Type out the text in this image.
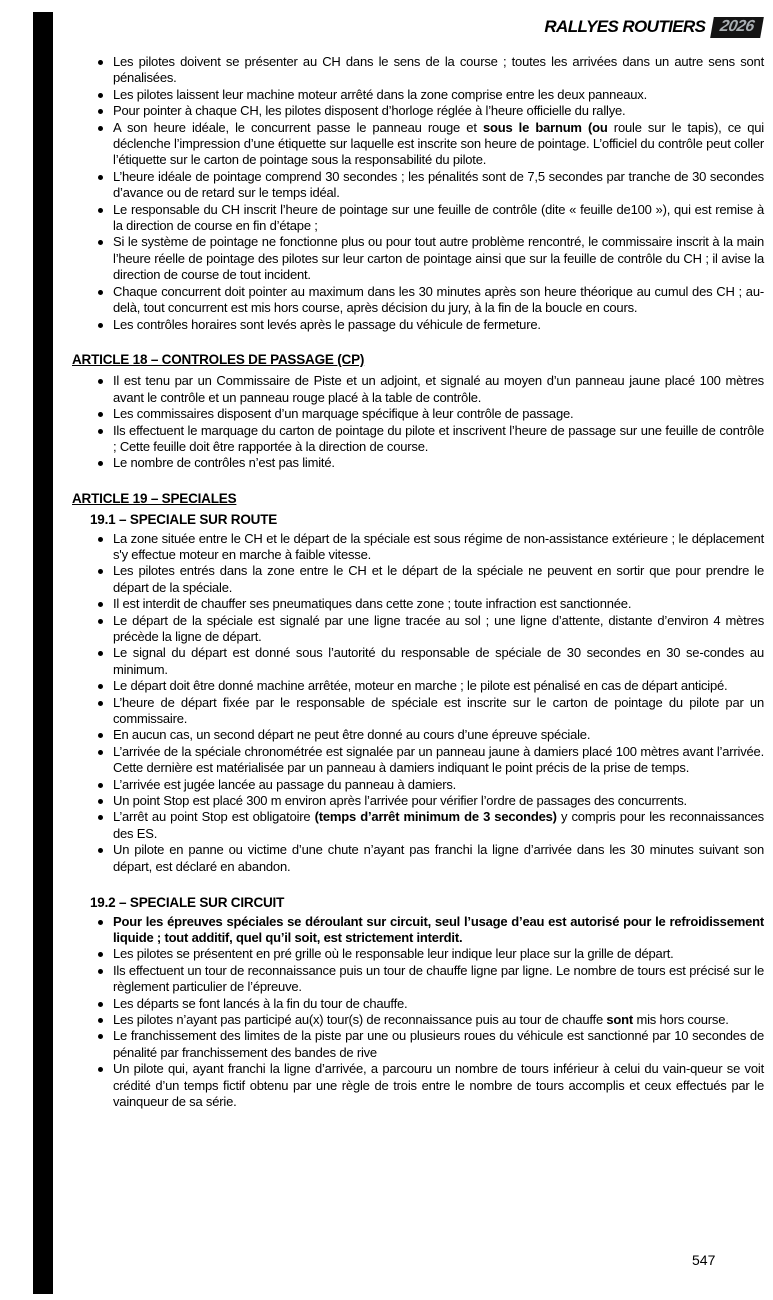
RALLYES ROUTIERS 2026
Les pilotes doivent se présenter au CH dans le sens de la course ; toutes les arrivées dans un autre sens sont pénalisées.
Les pilotes laissent leur machine moteur arrêté dans la zone comprise entre les deux panneaux.
Pour pointer à chaque CH, les pilotes disposent d’horloge réglée à l’heure officielle du rallye.
A son heure idéale, le concurrent passe le panneau rouge et sous le barnum (ou roule sur le tapis), ce qui déclenche l’impression d’une étiquette sur laquelle est inscrite son heure de pointage. L’officiel du contrôle peut coller l’étiquette sur le carton de pointage sous la responsabilité du pilote.
L’heure idéale de pointage comprend 30 secondes ; les pénalités sont de 7,5 secondes par tranche de 30 secondes d’avance ou de retard sur le temps idéal.
Le responsable du CH inscrit l’heure de pointage sur une feuille de contrôle (dite « feuille de100 »), qui est remise à la direction de course en fin d’étape ;
Si le système de pointage ne fonctionne plus ou pour tout autre problème rencontré, le commissaire inscrit à la main l’heure réelle de pointage des pilotes sur leur carton de pointage ainsi que sur la feuille de contrôle du CH ; il avise la direction de course de tout incident.
Chaque concurrent doit pointer au maximum dans les 30 minutes après son heure théorique au cumul des CH ; au-delà, tout concurrent est mis hors course, après décision du jury, à la fin de la boucle en cours.
Les contrôles horaires sont levés après le passage du véhicule de fermeture.
ARTICLE 18 – CONTROLES DE PASSAGE (CP)
Il est tenu par un Commissaire de Piste et un adjoint, et signalé au moyen d’un panneau jaune placé 100 mètres avant le contrôle et un panneau rouge placé à la table de contrôle.
Les commissaires disposent d’un marquage spécifique à leur contrôle de passage.
Ils effectuent le marquage du carton de pointage du pilote et inscrivent l’heure de passage sur une feuille de contrôle ; Cette feuille doit être rapportée à la direction de course.
Le nombre de contrôles n’est pas limité.
ARTICLE 19 – SPECIALES
19.1 – SPECIALE SUR ROUTE
La zone située entre le CH et le départ de la spéciale est sous régime de non-assistance extérieure ; le déplacement s'y effectue moteur en marche à faible vitesse.
Les pilotes entrés dans la zone entre le CH et le départ de la spéciale ne peuvent en sortir que pour prendre le départ de la spéciale.
Il est interdit de chauffer ses pneumatiques dans cette zone ; toute infraction est sanctionnée.
Le départ de la spéciale est signalé par une ligne tracée au sol ; une ligne d’attente, distante d’environ 4 mètres précède la ligne de départ.
Le signal du départ est donné sous l’autorité du responsable de spéciale de 30 secondes en 30 se-condes au minimum.
Le départ doit être donné machine arrêtée, moteur en marche ; le pilote est pénalisé en cas de départ anticipé.
L’heure de départ fixée par le responsable de spéciale est inscrite sur le carton de pointage du pilote par un commissaire.
En aucun cas, un second départ ne peut être donné au cours d’une épreuve spéciale.
L’arrivée de la spéciale chronométrée est signalée par un panneau jaune à damiers placé 100 mètres avant l’arrivée. Cette dernière est matérialisée par un panneau à damiers indiquant le point précis de la prise de temps.
L’arrivée est jugée lancée au passage du panneau à damiers.
Un point Stop est placé 300 m environ après l’arrivée pour vérifier l’ordre de passages des concurrents.
L’arrêt au point Stop est obligatoire (temps d’arrêt minimum de 3 secondes) y compris pour les reconnaissances des ES.
Un pilote en panne ou victime d’une chute n’ayant pas franchi la ligne d’arrivée dans les 30 minutes suivant son départ, est déclaré en abandon.
19.2 – SPECIALE SUR CIRCUIT
Pour les épreuves spéciales se déroulant sur circuit, seul l’usage d’eau est autorisé pour le refroidissement liquide ; tout additif, quel qu’il soit, est strictement interdit.
Les pilotes se présentent en pré grille où le responsable leur indique leur place sur la grille de départ.
Ils effectuent un tour de reconnaissance puis un tour de chauffe ligne par ligne. Le nombre de tours est précisé sur le règlement particulier de l’épreuve.
Les départs se font lancés à la fin du tour de chauffe.
Les pilotes n’ayant pas participé au(x) tour(s) de reconnaissance puis au tour de chauffe sont mis hors course.
Le franchissement des limites de la piste par une ou plusieurs roues du véhicule est sanctionné par 10 secondes de pénalité par franchissement des bandes de rive
Un pilote qui, ayant franchi la ligne d’arrivée, a parcouru un nombre de tours inférieur à celui du vain-queur se voit crédité d’un temps fictif obtenu par une règle de trois entre le nombre de tours accomplis et ceux effectués par le vainqueur de sa série.
547
